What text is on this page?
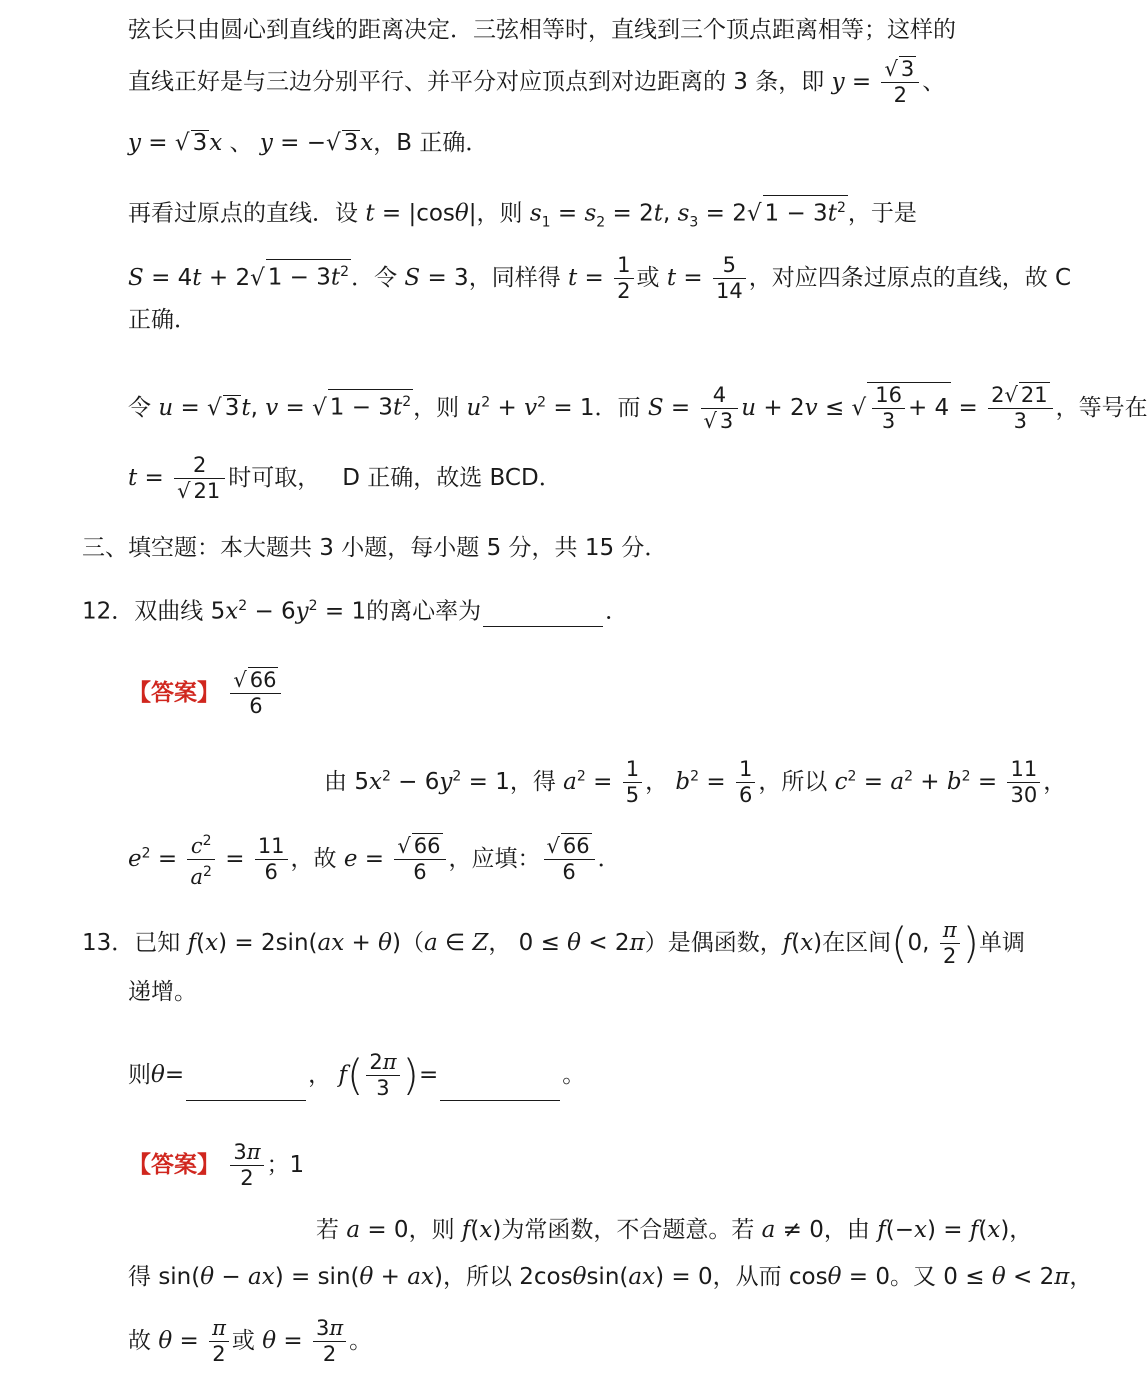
弦长只由圆心到直线的距离决定．三弦相等时，直线到三个顶点距离相等；这样的
直线正好是与三边分别平行、并平分对应顶点到对边距离的 3 条，即 $y = \frac{√ 3}{2}$ 、
y = √ 3x 、 y = −√ 3x，B 正确．
再看过原点的直线．设 t = |cosθ|，则 $s_1 = s_2 = 2t$, $s_3 = 2√$ $1 - 3t^2$，于是
S = 4t + 2√ $1 - 3t^2$．令 S = 3，同样得 $t = \frac{1}{2}$ 或 $t = \frac{5}{14}$ ，对应四条过原点的直线，故 C
正确．
令 u = √ 3t, v = √ $1 - 3t^2$，则 $u^2 + v^2 = 1$．而 $S = \frac{4}{√ 3}$ u + 2v ≤ √ $\frac{16}{3} + 4 = \frac{2√ 21}{3}$ ，等号在
$t = \frac{2}{√ 21}$ 时可取， D 正确，故选 BCD．
三、填空题：本大题共 3 小题，每小题 5 分，共 15 分．
12．双曲线 $5x^2 - 6y^2 = 1$的离心率为	．
【答案】 $\frac{√ 66}{6}$
由 $5x^2 - 6y^2 = 1$，得 $a^2 = \frac{1}{5}$ ， $b^2 = \frac{1}{6}$ ，所以 $c^2 = a^2 + b^2 = \frac{11}{30}$ ，
$e^2 = \frac{c^2}{a^2} = \frac{11}{6}$ ，故 $e = \frac{√ 66}{6}$ ，应填： $\frac{√ 66}{6}$ ．
13．已知 f(x) = 2sin(ax + θ)（a ∈ Z， 0 ≤ θ < 2π）是偶函数，f(x)在区间(0, $\frac{\pi}{2}$ )单调
递增。
则θ=	， $f( \frac{2\pi}{3}$ )=	。
【答案】 $\frac{3\pi}{2}$ ；1
若 a = 0，则 f(x)为常函数，不合题意。若 a ≠ 0，由 f(−x) = f(x)，
得 sin(θ − ax) = sin(θ + ax)，所以 2cosθsin(ax) = 0，从而 cosθ = 0。又 0 ≤ θ < 2π，
故 $\theta = \frac{\pi}{2}$ 或 $\theta = \frac{3\pi}{2}$ 。
